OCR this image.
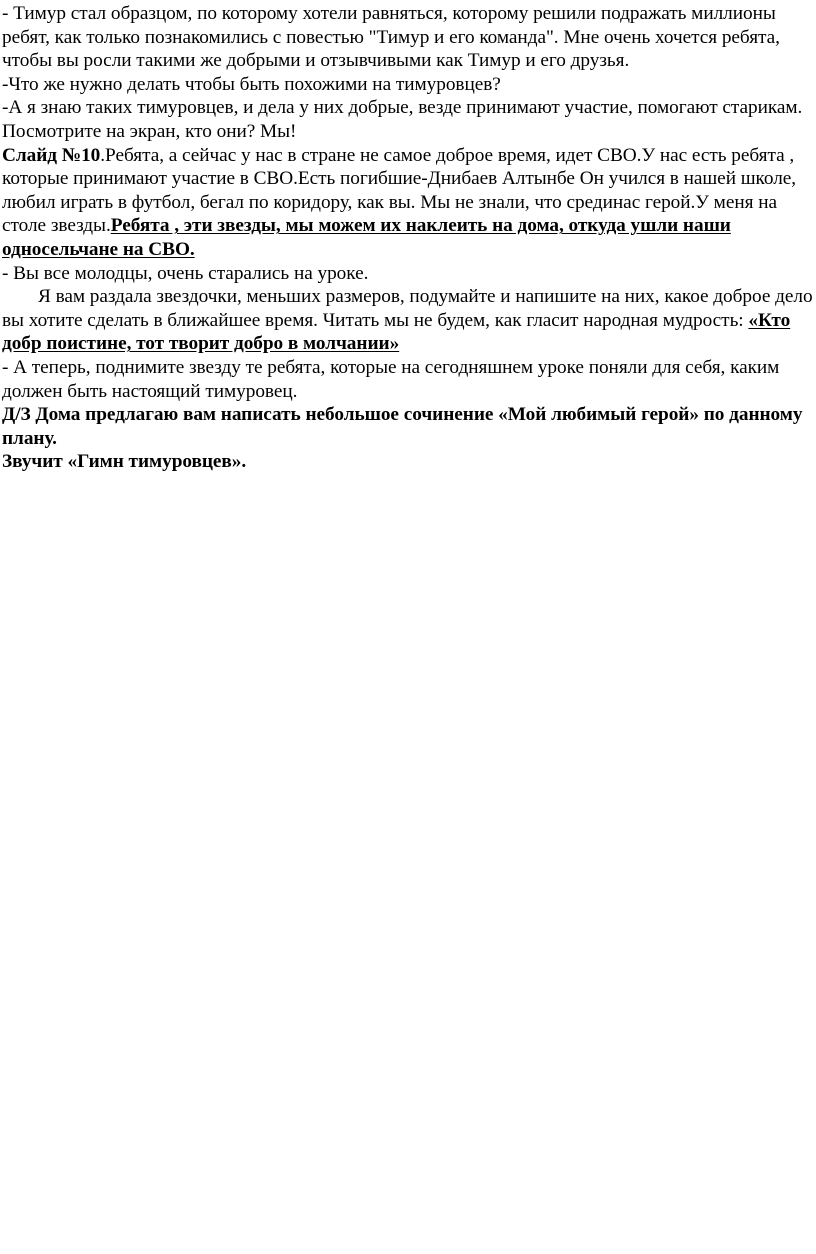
- Тимур стал образцом, по которому хотели равняться, которому решили подражать миллионы ребят, как только познакомились с повестью "Тимур и его команда". Мне очень хочется ребята, чтобы вы росли такими же добрыми и отзывчивыми как Тимур и его друзья.

-Что же нужно делать чтобы быть похожими на тимуровцев?

-А я знаю таких тимуровцев, и дела у них добрые, везде принимают участие, помогают старикам. Посмотрите на экран, кто они? Мы!

Слайд №10.Ребята, а сейчас у нас в стране не самое доброе время, идет СВО.У нас есть ребята , которые принимают участие в СВО.Есть погибшие-Днибаев Алтынбе Он учился в нашей школе, любил играть в футбол, бегал по коридору, как вы. Мы не знали, что срединас герой.У меня на столе звезды.Ребята , эти звезды, мы можем их наклеить на дома, откуда ушли наши односельчане на СВО.

- Вы все молодцы, очень старались на уроке.

Я вам раздала звездочки, меньших размеров, подумайте и напишите на них, какое доброе дело вы хотите сделать в ближайшее время. Читать мы не будем, как гласит народная мудрость: «Кто добр поистине, тот творит добро в молчании»

- А теперь, поднимите звезду те ребята, которые на сегодняшнем уроке поняли для себя, каким должен быть настоящий тимуровец.

Д/З Дома предлагаю вам написать небольшое сочинение «Мой любимый герой» по данному плану.

Звучит «Гимн тимуровцев».
